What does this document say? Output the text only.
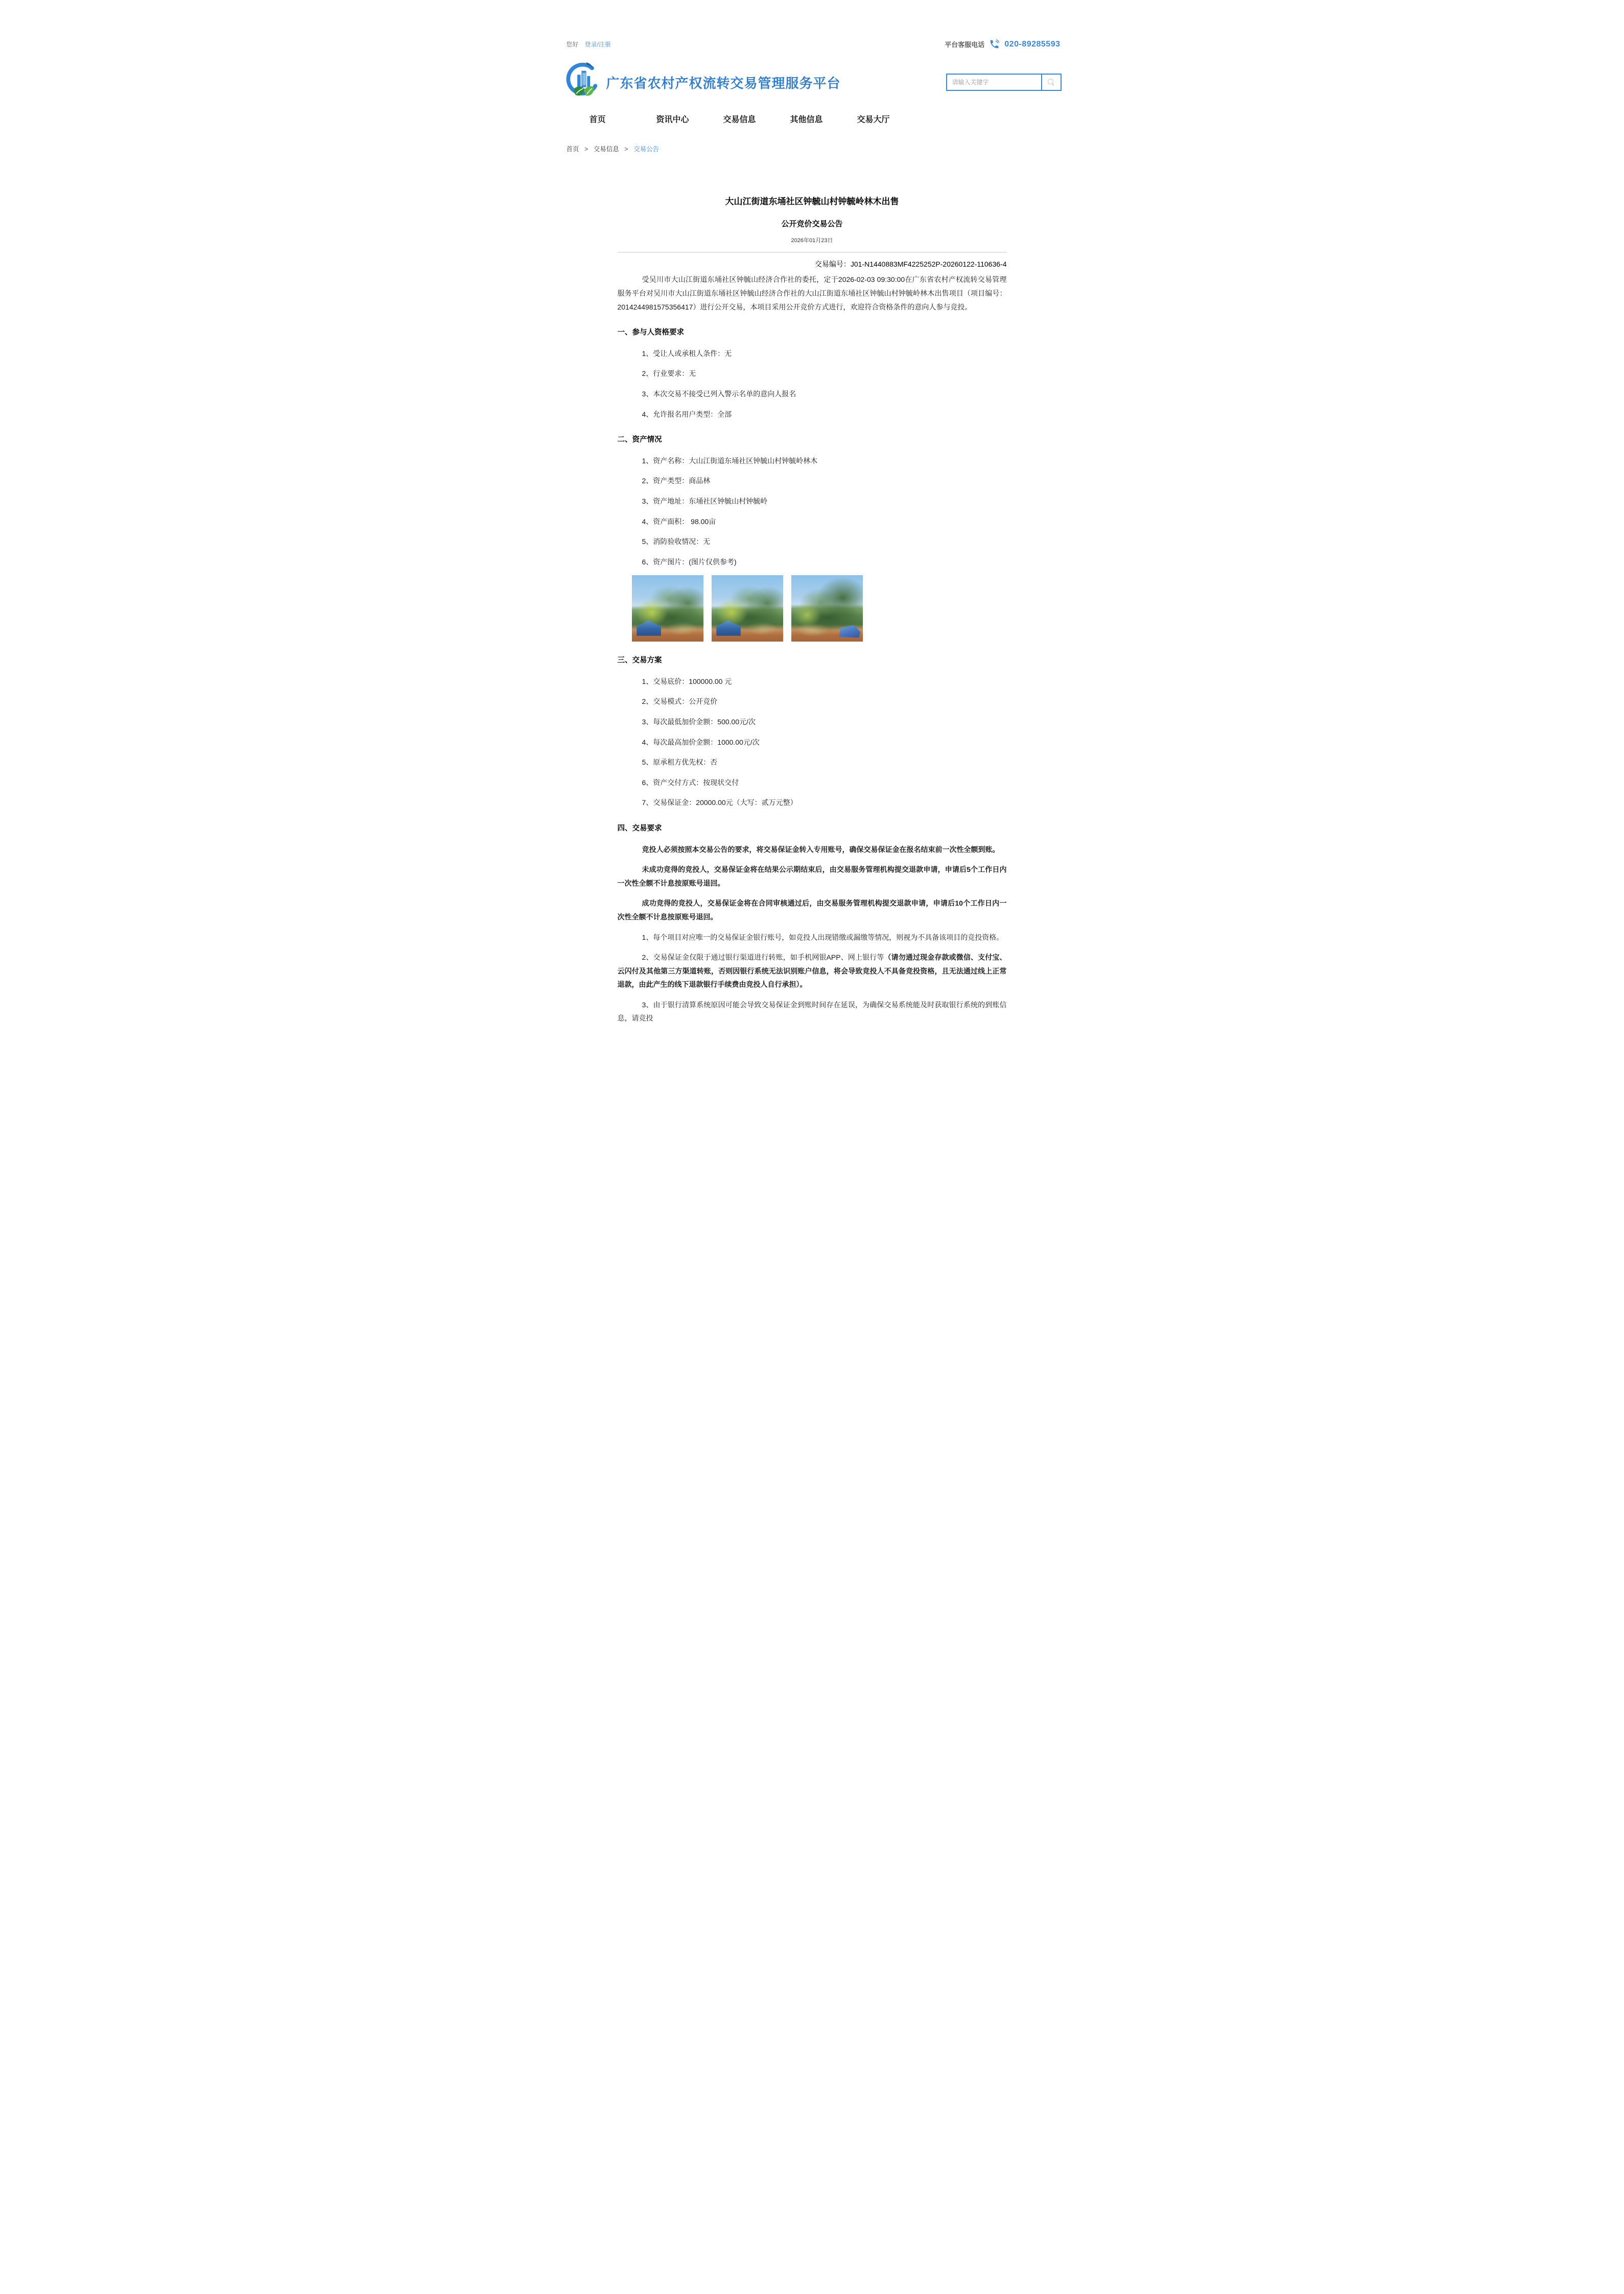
您好 登录/注册	平台客服电话 020-89285593
广东省农村产权流转交易管理服务平台
请输入关键字
首页	资讯中心	交易信息	其他信息	交易大厅
首页 > 交易信息 > 交易公告
大山江街道东埇社区钟毓山村钟毓岭林木出售
公开竞价交易公告
2026年01月23日
交易编号：J01-N1440883MF4225252P-20260122-110636-4

受吴川市大山江街道东埇社区钟毓山经济合作社的委托，定于2026-02-03 09:30:00在广东省农村产权流转交易管理服务平台对吴川市大山江街道东埇社区钟毓山经济合作社的大山江街道东埇社区钟毓山村钟毓岭林木出售项目（项目编号：2014244981575356417）进行公开交易，本项目采用公开竞价方式进行，欢迎符合资格条件的意向人参与竞投。

一、参与人资格要求

1、受让人或承租人条件：无

2、行业要求：无

3、本次交易不接受已列入警示名单的意向人报名

4、允许报名用户类型：全部

二、资产情况

1、资产名称：大山江街道东埇社区钟毓山村钟毓岭林木

2、资产类型：商品林

3、资产地址：东埇社区钟毓山村钟毓岭

4、资产面积： 98.00亩

5、消防验收情况：无

6、资产图片：(图片仅供参考)

三、交易方案

1、交易底价：100000.00 元

2、交易模式：公开竞价

3、每次最低加价金额：500.00元/次

4、每次最高加价金额：1000.00元/次

5、原承租方优先权：否

6、资产交付方式：按现状交付

7、交易保证金：20000.00元（大写：贰万元整）

四、交易要求

竞投人必须按照本交易公告的要求，将交易保证金转入专用账号，确保交易保证金在报名结束前一次性全额到账。

未成功竞得的竞投人，交易保证金将在结果公示期结束后，由交易服务管理机构提交退款申请，申请后5个工作日内一次性全额不计息按原账号退回。

成功竞得的竞投人，交易保证金将在合同审核通过后，由交易服务管理机构提交退款申请，申请后10个工作日内一次性全额不计息按原账号退回。

1、每个项目对应唯一的交易保证金银行账号，如竞投人出现错缴或漏缴等情况，则视为不具备该项目的竞投资格。

2、交易保证金仅限于通过银行渠道进行转账，如手机网银APP、网上银行等（请勿通过现金存款或微信、支付宝、云闪付及其他第三方渠道转账，否则因银行系统无法识别账户信息，将会导致竞投人不具备竞投资格，且无法通过线上正常退款，由此产生的线下退款银行手续费由竞投人自行承担）。

3、由于银行清算系统原因可能会导致交易保证金到账时间存在延误，为确保交易系统能及时获取银行系统的到账信息，请竞投
